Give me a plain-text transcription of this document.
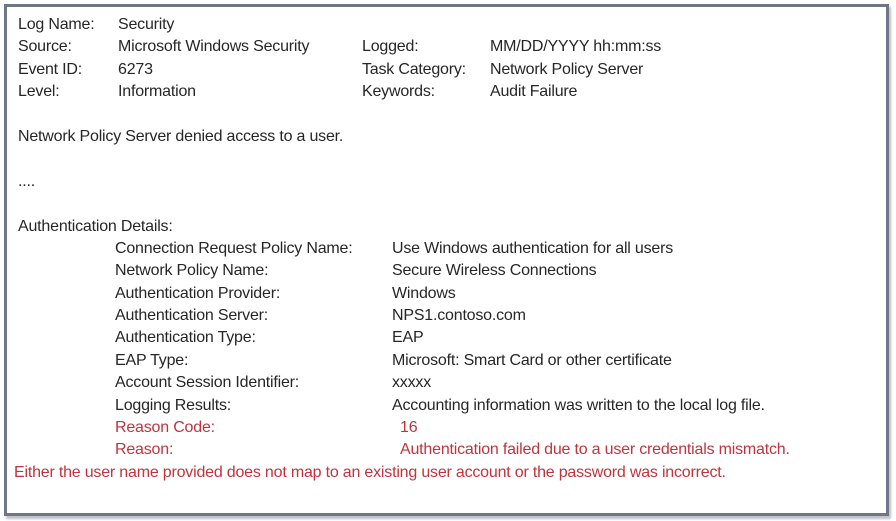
Log Name:	Security
Source:	Microsoft Windows Security	Logged:	MM/DD/YYYY hh:mm:ss
Event ID:	6273	Task Category:	Network Policy Server
Level:	Information	Keywords:	Audit Failure

Network Policy Server denied access to a user.

....

Authentication Details:
Connection Request Policy Name:	Use Windows authentication for all users
Network Policy Name:	Secure Wireless Connections
Authentication Provider:	Windows
Authentication Server:	NPS1.contoso.com
Authentication Type:	EAP
EAP Type:	Microsoft: Smart Card or other certificate
Account Session Identifier:	xxxxx
Logging Results:	Accounting information was written to the local log file.
Reason Code:	16
Reason:	Authentication failed due to a user credentials mismatch.
Either the user name provided does not map to an existing user account or the password was incorrect.
